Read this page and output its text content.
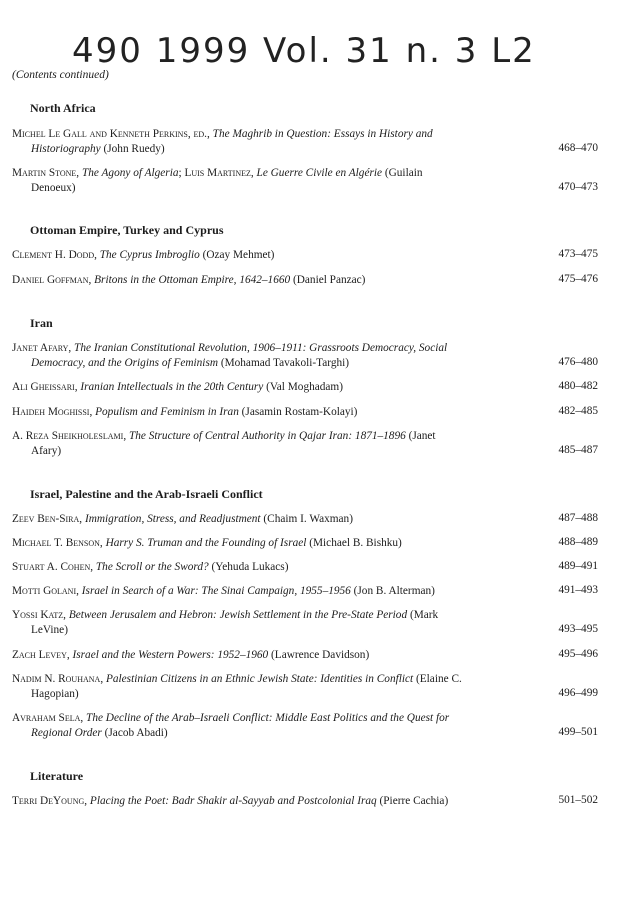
490 1999 Vol. 31 n. 3 L2
(Contents continued)
North Africa
Michel Le Gall and Kenneth Perkins, ed., The Maghrib in Question: Essays in History and
Historiography (John Ruedy)	468–470
Martin Stone, The Agony of Algeria; Luis Martinez, Le Guerre Civile en Algérie (Guilain
Denoeux)	470–473
Ottoman Empire, Turkey and Cyprus
Clement H. Dodd, The Cyprus Imbroglio (Ozay Mehmet)	473–475
Daniel Goffman, Britons in the Ottoman Empire, 1642–1660 (Daniel Panzac)	475–476
Iran
Janet Afary, The Iranian Constitutional Revolution, 1906–1911: Grassroots Democracy, Social
Democracy, and the Origins of Feminism (Mohamad Tavakoli-Targhi)	476–480
Ali Gheissari, Iranian Intellectuals in the 20th Century (Val Moghadam)	480–482
Haideh Moghissi, Populism and Feminism in Iran (Jasamin Rostam-Kolayi)	482–485
A. Reza Sheikholeslami, The Structure of Central Authority in Qajar Iran: 1871–1896 (Janet
Afary)	485–487
Israel, Palestine and the Arab-Israeli Conflict
Zeev Ben-Sira, Immigration, Stress, and Readjustment (Chaim I. Waxman)	487–488
Michael T. Benson, Harry S. Truman and the Founding of Israel (Michael B. Bishku)	488–489
Stuart A. Cohen, The Scroll or the Sword? (Yehuda Lukacs)	489–491
Motti Golani, Israel in Search of a War: The Sinai Campaign, 1955–1956 (Jon B. Alterman)	491–493
Yossi Katz, Between Jerusalem and Hebron: Jewish Settlement in the Pre-State Period (Mark
LeVine)	493–495
Zach Levey, Israel and the Western Powers: 1952–1960 (Lawrence Davidson)	495–496
Nadim N. Rouhana, Palestinian Citizens in an Ethnic Jewish State: Identities in Conflict (Elaine C.
Hagopian)	496–499
Avraham Sela, The Decline of the Arab–Israeli Conflict: Middle East Politics and the Quest for
Regional Order (Jacob Abadi)	499–501
Literature
Terri DeYoung, Placing the Poet: Badr Shakir al-Sayyab and Postcolonial Iraq (Pierre Cachia)	501–502
